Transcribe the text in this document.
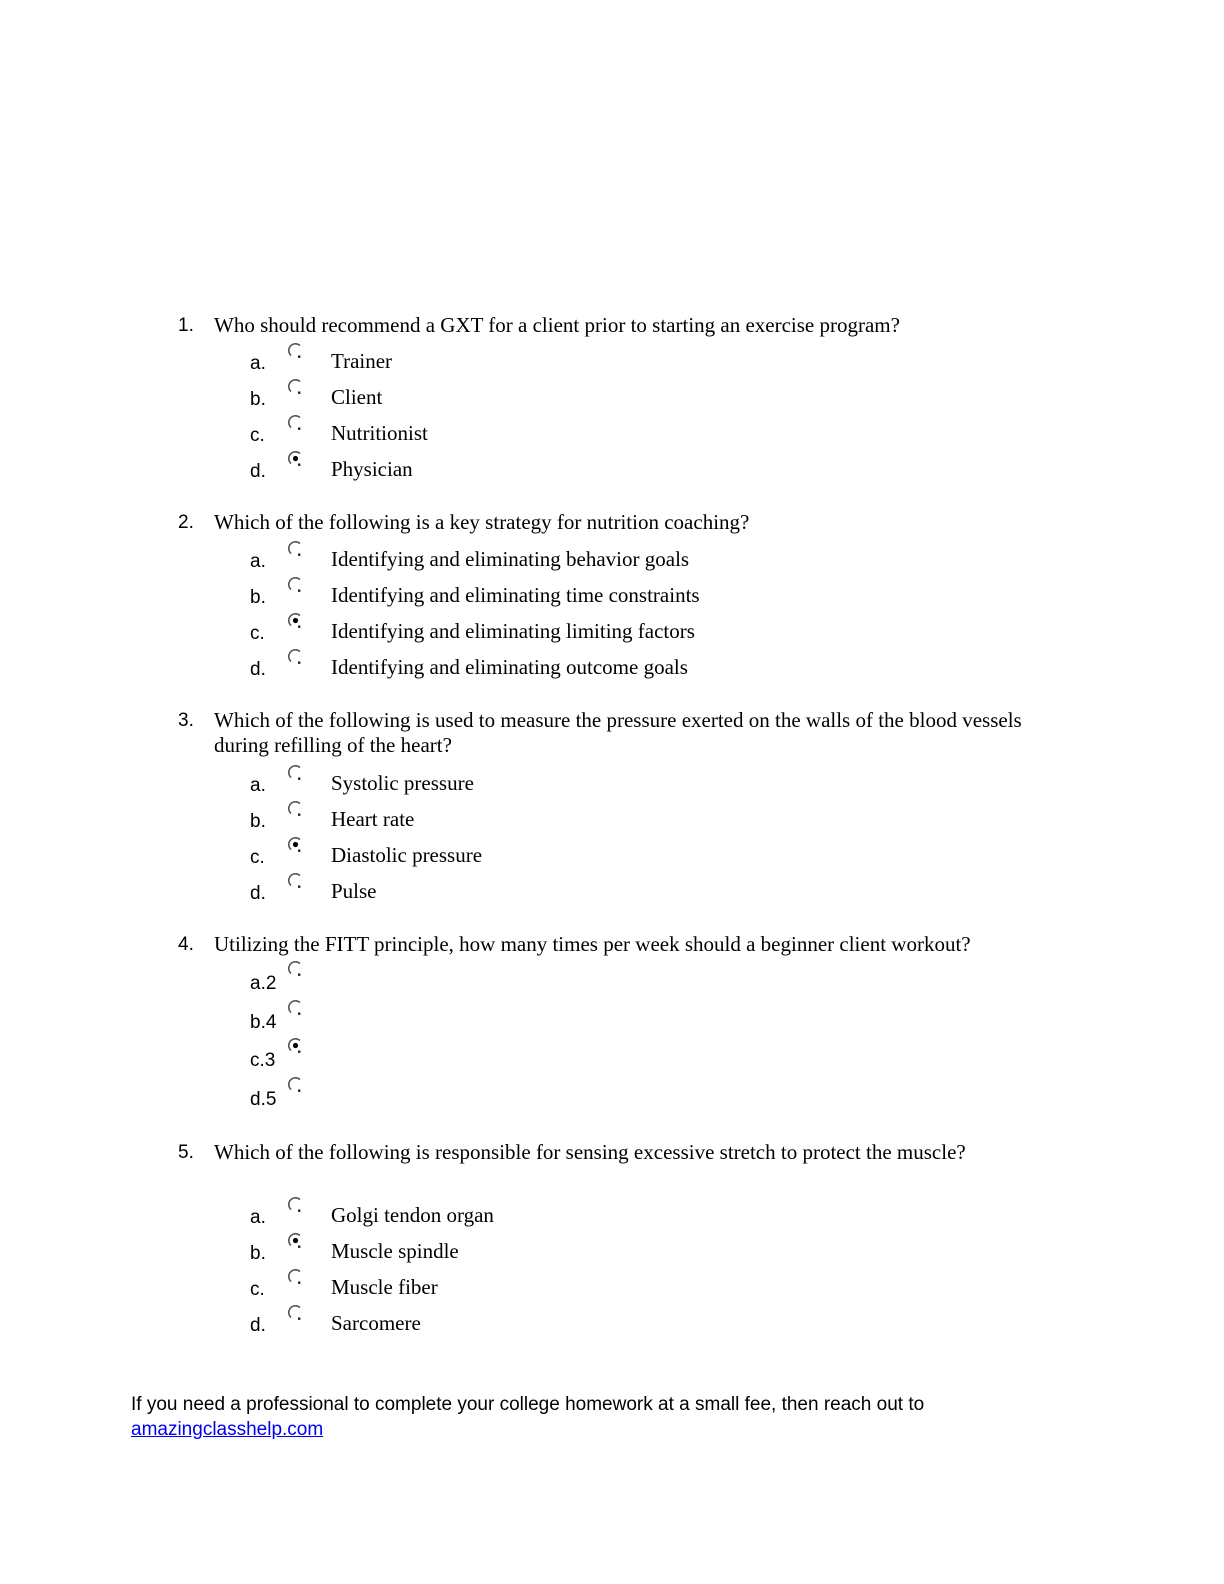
1. Who should recommend a GXT for a client prior to starting an exercise program?
a.	Trainer
b.	Client
c.	Nutritionist
d.	Physician
2. Which of the following is a key strategy for nutrition coaching?
a.	Identifying and eliminating behavior goals
b.	Identifying and eliminating time constraints
c.	Identifying and eliminating limiting factors
d.	Identifying and eliminating outcome goals
3. Which of the following is used to measure the pressure exerted on the walls of the blood vessels during refilling of the heart?
a.	Systolic pressure
b.	Heart rate
c.	Diastolic pressure
d.	Pulse
4. Utilizing the FITT principle, how many times per week should a beginner client workout?
a.2
b.4
c.3
d.5
5. Which of the following is responsible for sensing excessive stretch to protect the muscle?
a.	Golgi tendon organ
b.	Muscle spindle
c.	Muscle fiber
d.	Sarcomere
If you need a professional to complete your college homework at a small fee, then reach out to
amazingclasshelp.com
